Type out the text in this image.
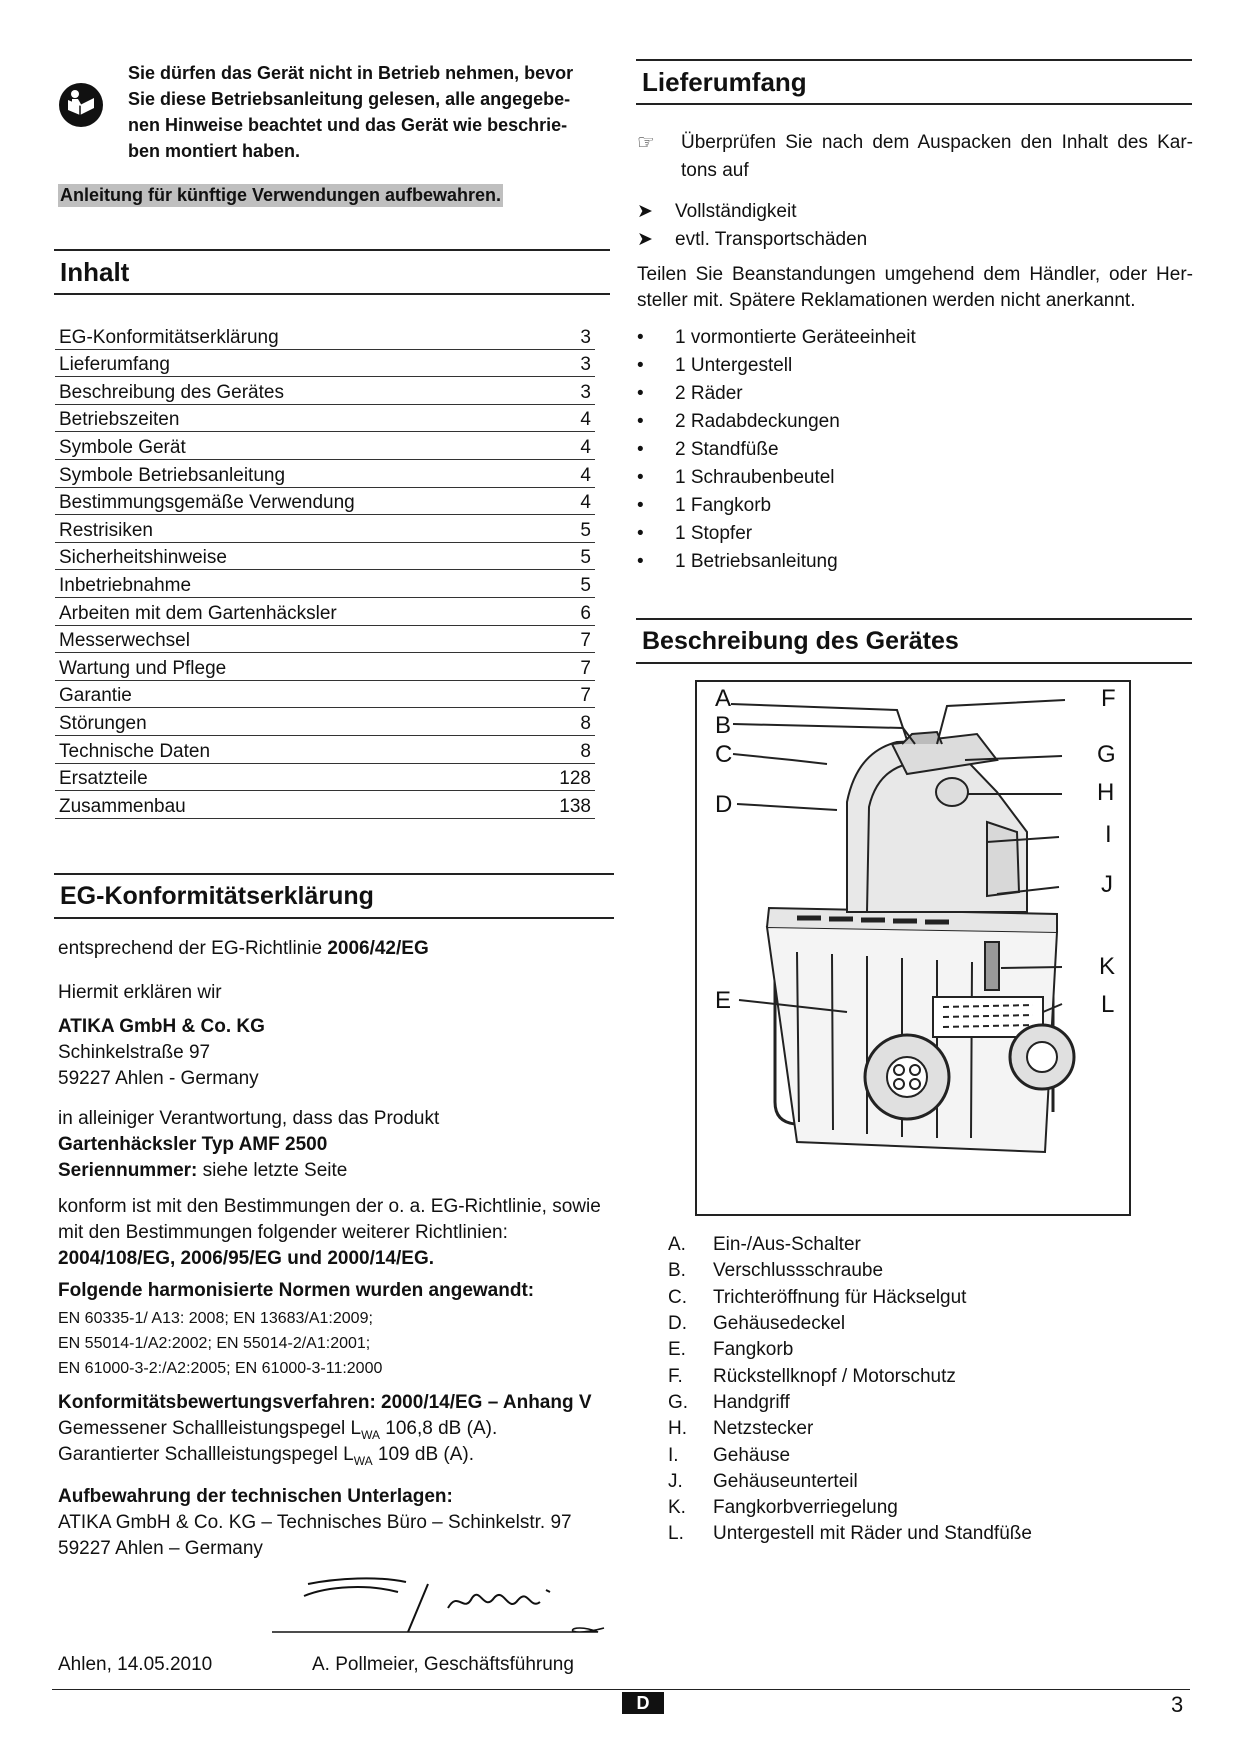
Sie dürfen das Gerät nicht in Betrieb nehmen, bevor
Sie diese Betriebsanleitung gelesen, alle angegebe-
nen Hinweise beachtet und das Gerät wie beschrie-
ben montiert haben.
Anleitung für künftige Verwendungen aufbewahren.
Inhalt
EG-Konformitätserklärung	3
Lieferumfang	3
Beschreibung des Gerätes	3
Betriebszeiten	4
Symbole Gerät	4
Symbole Betriebsanleitung	4
Bestimmungsgemäße Verwendung	4
Restrisiken	5
Sicherheitshinweise	5
Inbetriebnahme	5
Arbeiten mit dem Gartenhäcksler	6
Messerwechsel	7
Wartung und Pflege	7
Garantie	7
Störungen	8
Technische Daten	8
Ersatzteile	128
Zusammenbau	138
EG-Konformitätserklärung
entsprechend der EG-Richtlinie 2006/42/EG
Hiermit erklären wir
ATIKA GmbH & Co. KG
Schinkelstraße 97
59227 Ahlen - Germany
in alleiniger Verantwortung, dass das Produkt
Gartenhäcksler Typ AMF 2500
Seriennummer: siehe letzte Seite
konform ist mit den Bestimmungen der o. a. EG-Richtlinie, sowie
mit den Bestimmungen folgender weiterer Richtlinien:
2004/108/EG, 2006/95/EG und 2000/14/EG.
Folgende harmonisierte Normen wurden angewandt:
EN 60335-1/ A13: 2008; EN 13683/A1:2009;
EN 55014-1/A2:2002; EN 55014-2/A1:2001;
EN 61000-3-2:/A2:2005; EN 61000-3-11:2000
Konformitätsbewertungsverfahren: 2000/14/EG – Anhang V
Gemessener Schallleistungspegel $L_{WA}$ 106,8 dB (A).
Garantierter Schallleistungspegel $L_{WA}$ 109 dB (A).
Aufbewahrung der technischen Unterlagen:
ATIKA GmbH & Co. KG – Technisches Büro – Schinkelstr. 97
59227 Ahlen – Germany
Ahlen, 14.05.2010	A. Pollmeier, Geschäftsführung
Lieferumfang
☞ Überprüfen Sie nach dem Auspacken den Inhalt des Kar-
tons auf
➤	Vollständigkeit
➤	evtl. Transportschäden
Teilen Sie Beanstandungen umgehend dem Händler, oder Her-
steller mit. Spätere Reklamationen werden nicht anerkannt.
•	1 vormontierte Geräteeinheit
•	1 Untergestell
•	2 Räder
•	2 Radabdeckungen
•	2 Standfüße
•	1 Schraubenbeutel
•	1 Fangkorb
•	1 Stopfer
•	1 Betriebsanleitung
Beschreibung des Gerätes
A
B
C
D
E
F
G
H
I
J
K
L
A.	Ein-/Aus-Schalter
B.	Verschlussschraube
C.	Trichteröffnung für Häckselgut
D.	Gehäusedeckel
E.	Fangkorb
F.	Rückstellknopf / Motorschutz
G.	Handgriff
H.	Netzstecker
I.	Gehäuse
J.	Gehäuseunterteil
K.	Fangkorbverriegelung
L.	Untergestell mit Räder und Standfüße
D	3
